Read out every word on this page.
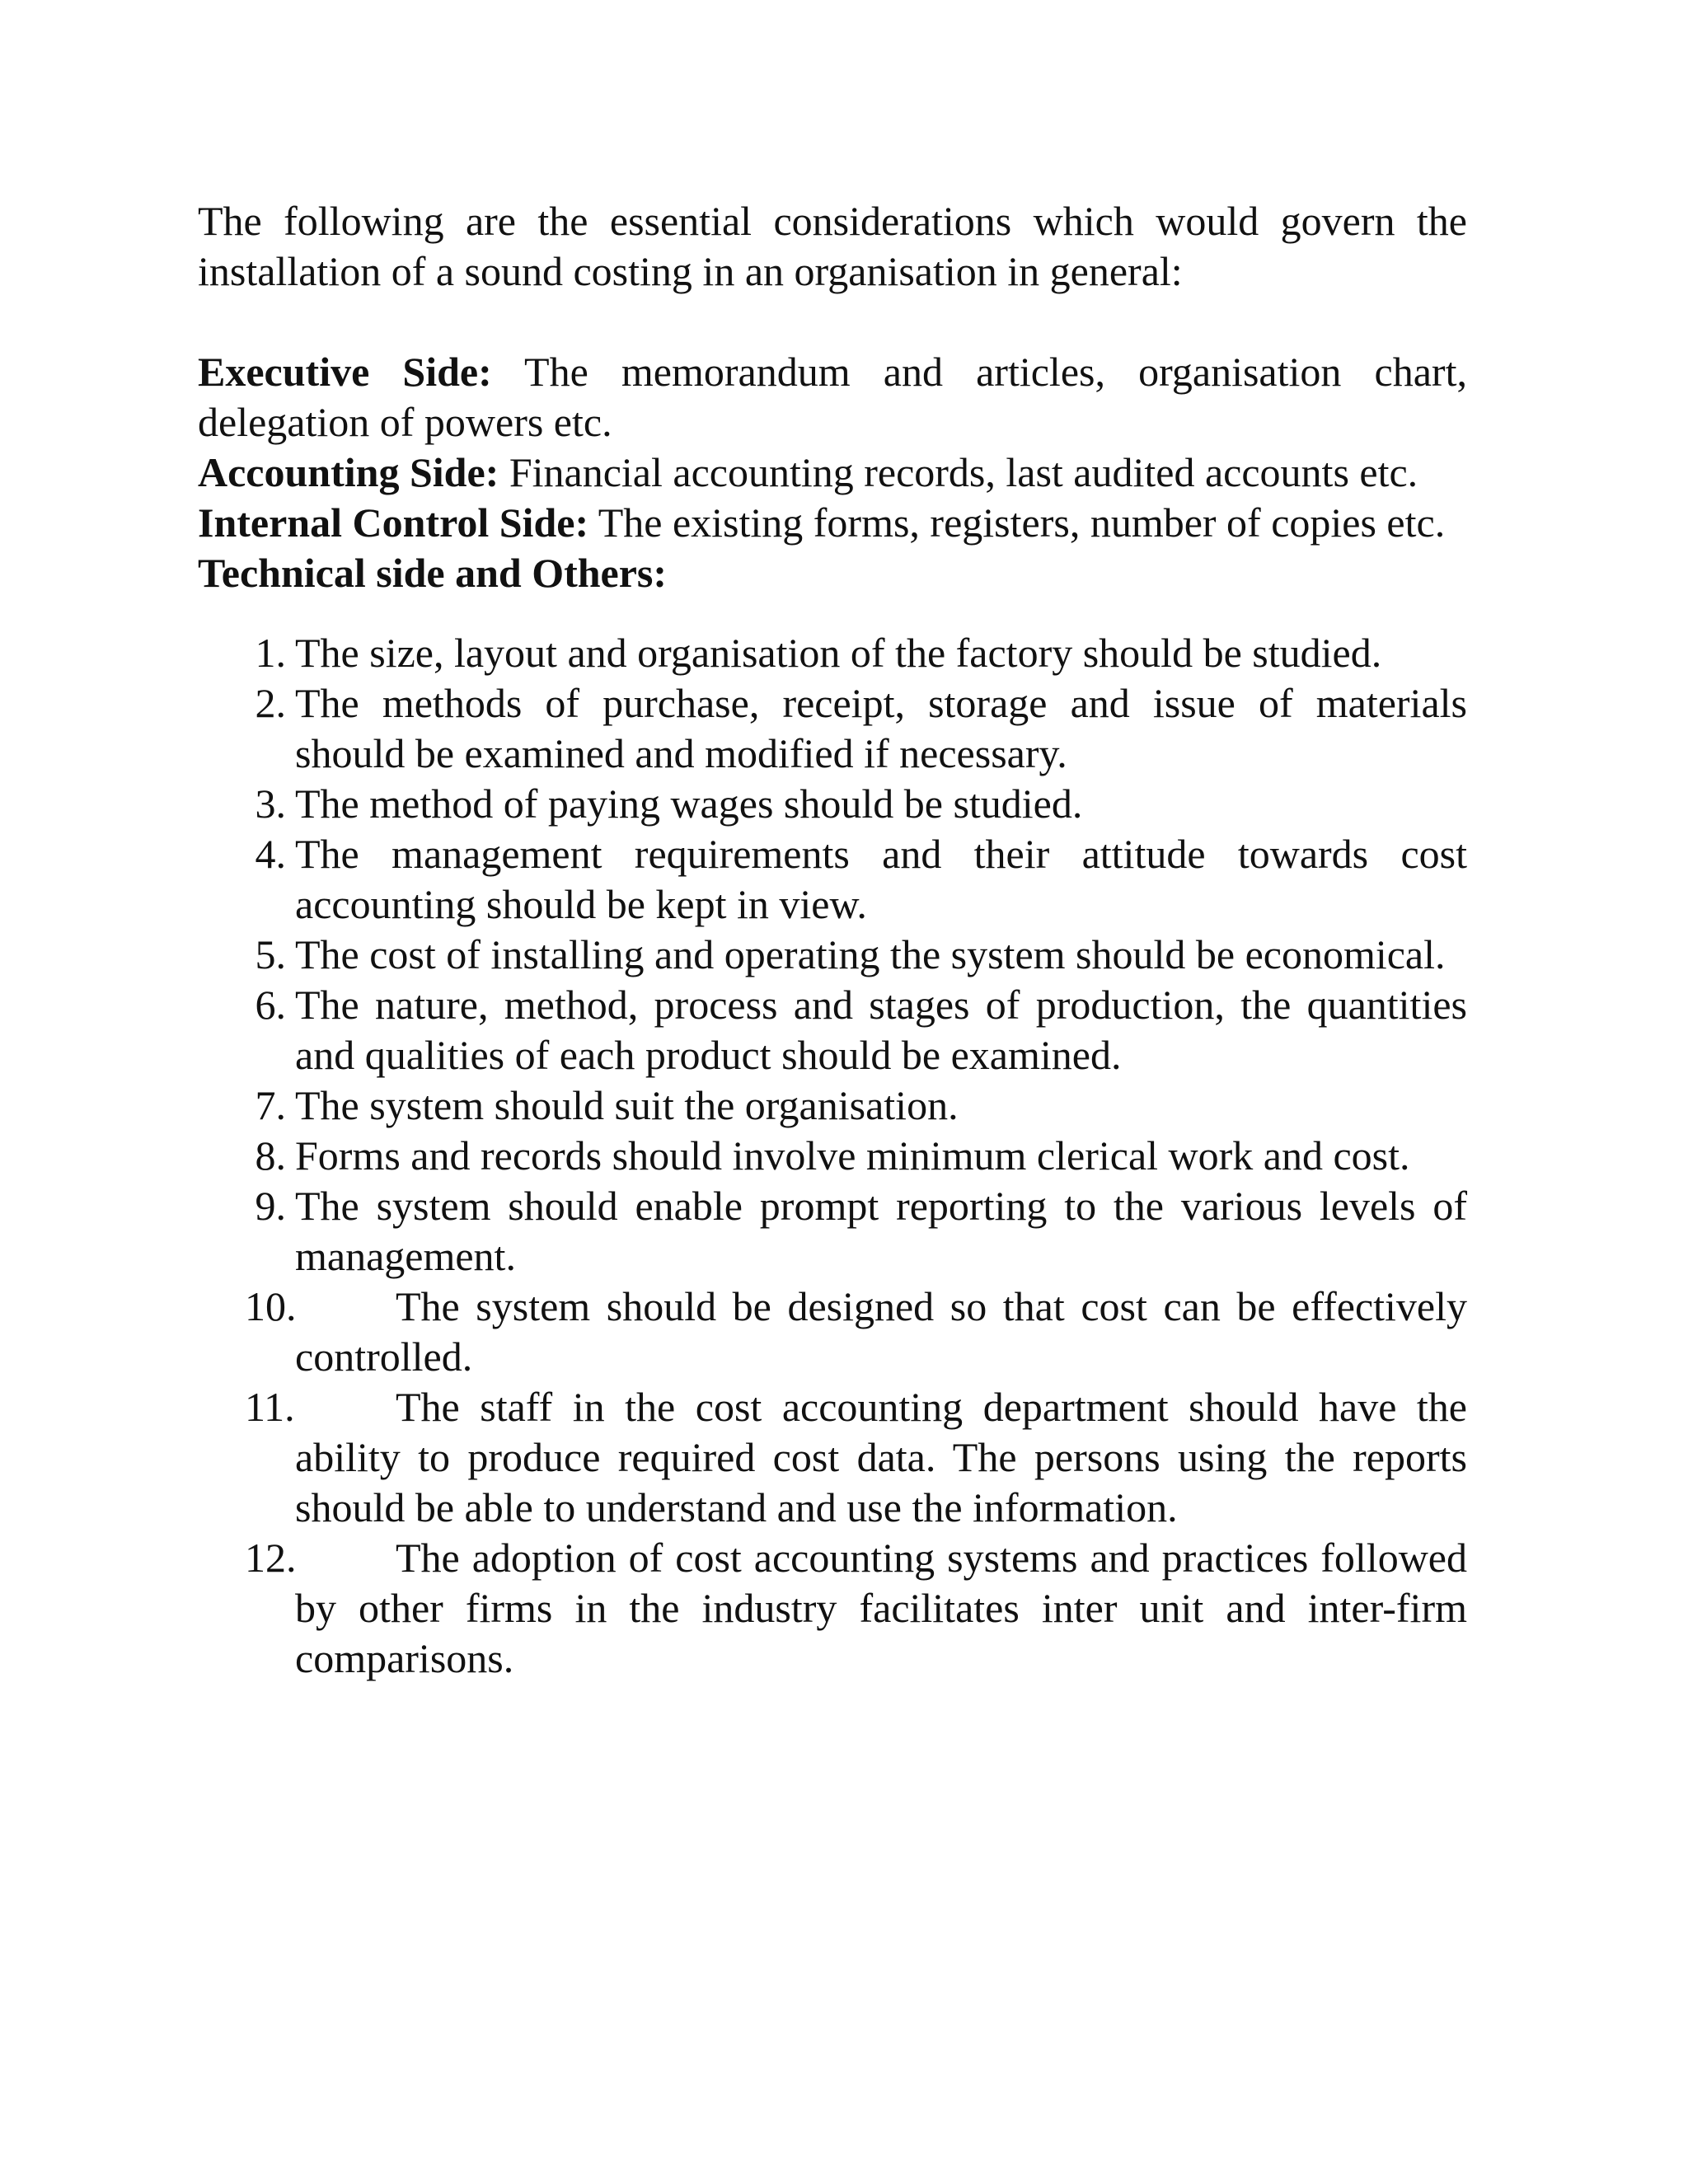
The following are the essential considerations which would govern the installation of a sound costing in an organisation in general:

Executive Side: The memorandum and articles, organisation chart, delegation of powers etc.

Accounting Side: Financial accounting records, last audited accounts etc.

Internal Control Side: The existing forms, registers, number of copies etc.

Technical side and Others:

1. The size, layout and organisation of the factory should be studied.
2. The methods of purchase, receipt, storage and issue of materials should be examined and modified if necessary.
3. The method of paying wages should be studied.
4. The management requirements and their attitude towards cost accounting should be kept in view.
5. The cost of installing and operating the system should be economical.
6. The nature, method, process and stages of production, the quantities and qualities of each product should be examined.
7. The system should suit the organisation.
8. Forms and records should involve minimum clerical work and cost.
9. The system should enable prompt reporting to the various levels of management.
10.	The system should be designed so that cost can be effectively controlled.
11.	The staff in the cost accounting department should have the ability to produce required cost data. The persons using the reports should be able to understand and use the information.
12.	The adoption of cost accounting systems and practices followed by other firms in the industry facilitates inter unit and inter-firm comparisons.
